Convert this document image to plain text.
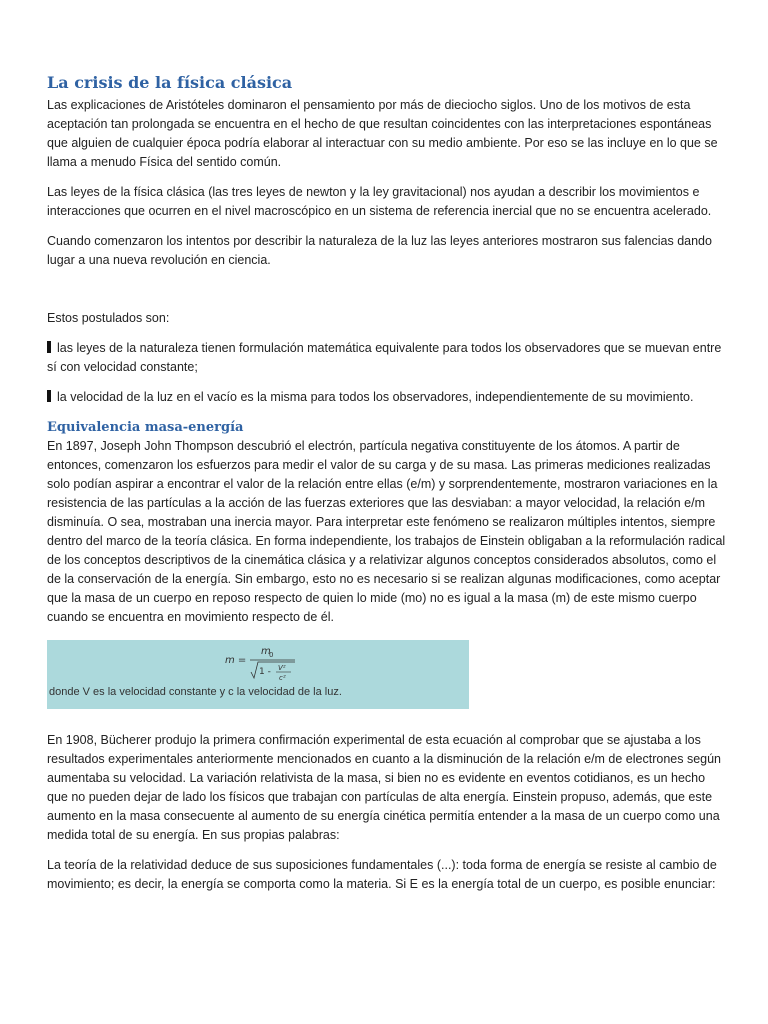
La crisis de la física clásica

Las explicaciones de Aristóteles dominaron el pensamiento por más de dieciocho siglos. Uno de los motivos de esta aceptación tan prolongada se encuentra en el hecho de que resultan coincidentes con las interpretaciones espontáneas que alguien de cualquier época podría elaborar al interactuar con su medio ambiente. Por eso se las incluye en lo que se llama a menudo Física del sentido común.

Las leyes de la física clásica (las tres leyes de newton y la ley gravitacional) nos ayudan a describir los movimientos e interacciones que ocurren en el nivel macroscópico en un sistema de referencia inercial que no se encuentra acelerado.

Cuando comenzaron los intentos por describir la naturaleza de la luz las leyes anteriores mostraron sus falencias dando lugar a una nueva revolución en ciencia.

Estos postulados son:

las leyes de la naturaleza tienen formulación matemática equivalente para todos los observadores que se muevan entre sí con velocidad constante;

la velocidad de la luz en el vacío es la misma para todos los observadores, independientemente de su movimiento.

Equivalencia masa-energía

En 1897, Joseph John Thompson descubrió el electrón, partícula negativa constituyente de los átomos. A partir de entonces, comenzaron los esfuerzos para medir el valor de su carga y de su masa. Las primeras mediciones realizadas solo podían aspirar a encontrar el valor de la relación entre ellas (e/m) y sorprendentemente, mostraron variaciones en la resistencia de las partículas a la acción de las fuerzas exteriores que las desviaban: a mayor velocidad, la relación e/m disminuía. O sea, mostraban una inercia mayor. Para interpretar este fenómeno se realizaron múltiples intentos, siempre dentro del marco de la teoría clásica. En forma independiente, los trabajos de Einstein obligaban a la reformulación radical de los conceptos descriptivos de la cinemática clásica y a relativizar algunos conceptos considerados absolutos, como el de la conservación de la energía. Sin embargo, esto no es necesario si se realizan algunas modificaciones, como aceptar que la masa de un cuerpo en reposo respecto de quien lo mide (mo) no es igual a la masa (m) de este mismo cuerpo cuando se encuentra en movimiento respecto de él.

m =
m
0
1 - V²
c²
donde V es la velocidad constante y c la velocidad de la luz.

En 1908, Bücherer produjo la primera confirmación experimental de esta ecuación al comprobar que se ajustaba a los resultados experimentales anteriormente mencionados en cuanto a la disminución de la relación e/m de electrones según aumentaba su velocidad. La variación relativista de la masa, si bien no es evidente en eventos cotidianos, es un hecho que no pueden dejar de lado los físicos que trabajan con partículas de alta energía. Einstein propuso, además, que este aumento en la masa consecuente al aumento de su energía cinética permitía entender a la masa de un cuerpo como una medida total de su energía. En sus propias palabras:

La teoría de la relatividad deduce de sus suposiciones fundamentales (...): toda forma de energía se resiste al cambio de movimiento; es decir, la energía se comporta como la materia. Si E es la energía total de un cuerpo, es posible enunciar:
